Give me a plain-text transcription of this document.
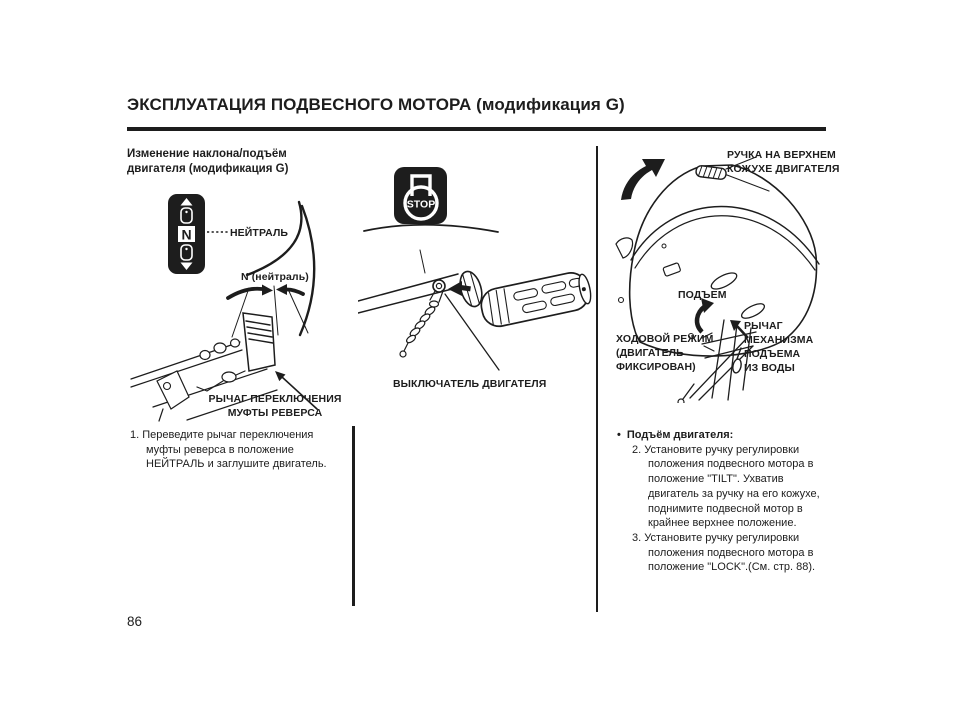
ЭКСПЛУАТАЦИЯ ПОДВЕСНОГО МОТОРА (модификация G)
Изменение наклона/подъём
двигателя (модификация G)
N	НЕЙТРАЛЬ
N (нейтраль)
РЫЧАГ ПЕРЕКЛЮЧЕНИЯ
МУФТЫ РЕВЕРСА
1. Переведите рычаг переключения
муфты реверса в положение
НЕЙТРАЛЬ и заглушите двигатель.
STOP
ВЫКЛЮЧАТЕЛЬ ДВИГАТЕЛЯ
РУЧКА НА ВЕРХНЕМ
КОЖУХЕ ДВИГАТЕЛЯ
ПОДЪЕМ
ХОДОВОЙ РЕЖИМ
(ДВИГАТЕЛЬ
ФИКСИРОВАН)
РЫЧАГ
МЕХАНИЗМА
ПОДЪЕМА
ИЗ ВОДЫ
• Подъём двигателя:
2. Установите ручку регулировки
положения подвесного мотора в
положение "TILT". Ухватив
двигатель за ручку на его кожухе,
поднимите подвесной мотор в
крайнее верхнее положение.
3. Установите ручку регулировки
положения подвесного мотора в
положение "LOCK".(См. стр. 88).
86
